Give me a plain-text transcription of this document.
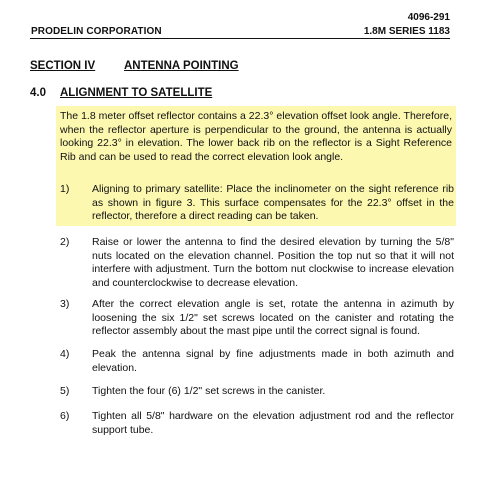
PRODELIN CORPORATION
4096-291
1.8M SERIES 1183
SECTION IV	ANTENNA POINTING
4.0 ALIGNMENT TO SATELLITE
The 1.8 meter offset reflector contains a 22.3° elevation offset look angle. Therefore, when the reflector aperture is perpendicular to the ground, the antenna is actually looking 22.3° in elevation. The lower back rib on the reflector is a Sight Reference Rib and can be used to read the correct elevation look angle.
1) Aligning to primary satellite: Place the inclinometer on the sight reference rib as shown in figure 3. This surface compensates for the 22.3° offset in the reflector, therefore a direct reading can be taken.
2) Raise or lower the antenna to find the desired elevation by turning the 5/8" nuts located on the elevation channel. Position the top nut so that it will not interfere with adjustment. Turn the bottom nut clockwise to increase elevation and counterclockwise to decrease elevation.
3) After the correct elevation angle is set, rotate the antenna in azimuth by loosening the six 1/2" set screws located on the canister and rotating the reflector assembly about the mast pipe until the correct signal is found.
4) Peak the antenna signal by fine adjustments made in both azimuth and elevation.
5) Tighten the four (6) 1/2" set screws in the canister.
6) Tighten all 5/8" hardware on the elevation adjustment rod and the reflector support tube.
